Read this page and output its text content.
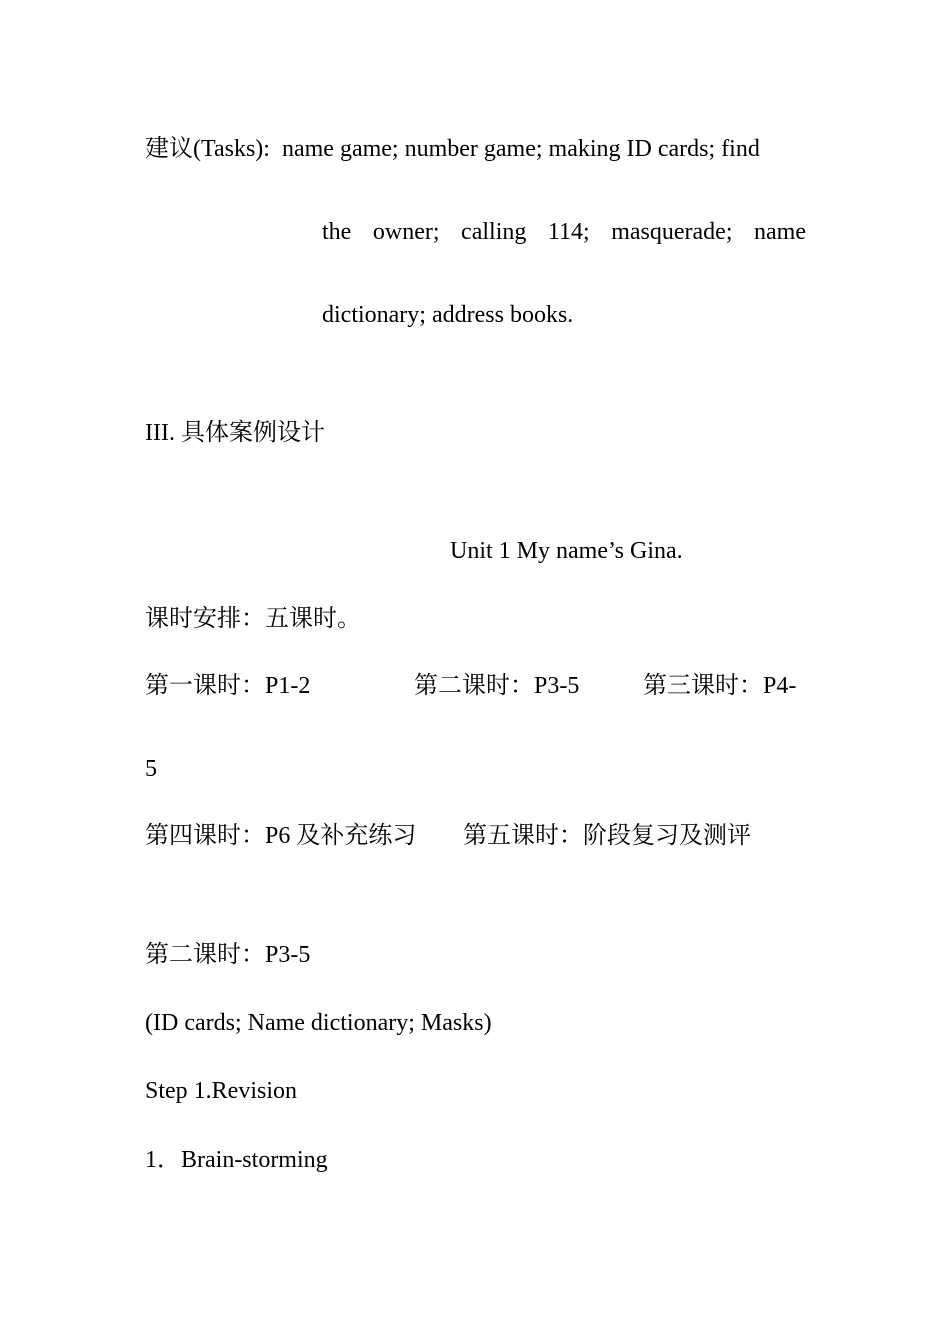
建议(Tasks): name game; number game; making ID cards; find

the owner; calling 114; masquerade; name

dictionary; address books.

III. 具体案例设计

Unit 1 My name’s Gina.

课时安排：五课时。

第一课时：P1-2	第二课时：P3-5	第三课时：P4-

5

第四课时：P6 及补充练习 第五课时：阶段复习及测评

第二课时：P3-5

(ID cards; Name dictionary; Masks)

Step 1.Revision

1．Brain-storming
